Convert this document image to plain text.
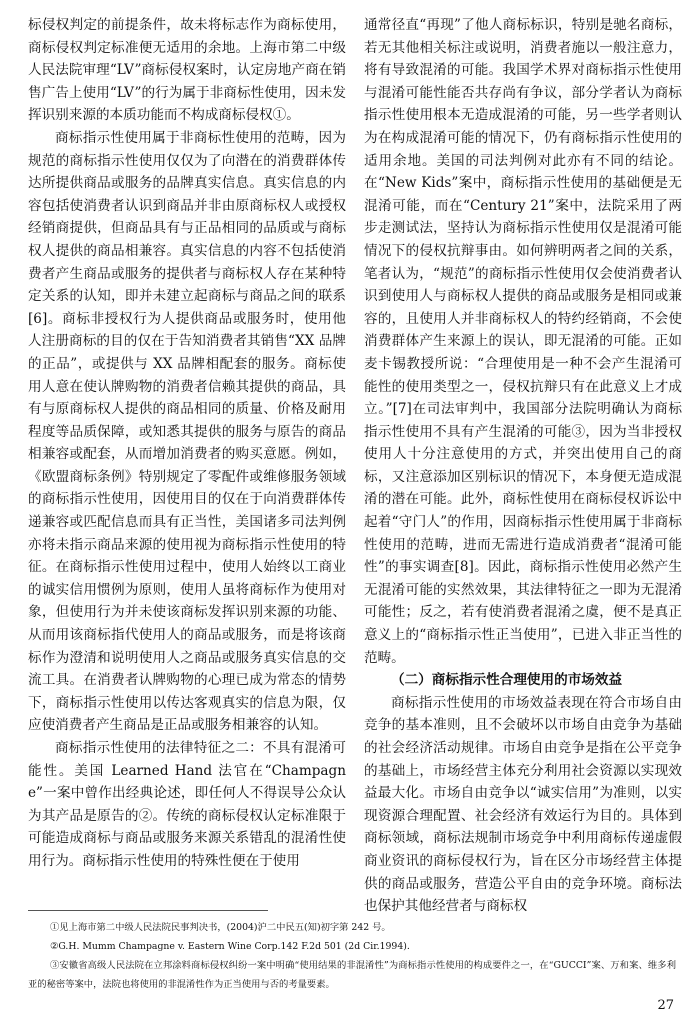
标侵权判定的前提条件，故未将标志作为商标使用，商标侵权判定标准便无适用的余地。上海市第二中级人民法院审理“LV”商标侵权案时，认定房地产商在销售广告上使用“LV”的行为属于非商标性使用，因未发挥识别来源的本质功能而不构成商标侵权①。

商标指示性使用属于非商标性使用的范畴，因为规范的商标指示性使用仅仅为了向潜在的消费群体传达所提供商品或服务的品牌真实信息。真实信息的内容包括使消费者认识到商品并非由原商标权人或授权经销商提供，但商品具有与正品相同的品质或与商标权人提供的商品相兼容。真实信息的内容不包括使消费者产生商品或服务的提供者与商标权人存在某种特定关系的认知，即并未建立起商标与商品之间的联系[6]。商标非授权行为人提供商品或服务时，使用他人注册商标的目的仅在于告知消费者其销售“XX 品牌的正品”，或提供与 XX 品牌相配套的服务。商标使用人意在使认牌购物的消费者信赖其提供的商品，具有与原商标权人提供的商品相同的质量、价格及耐用程度等品质保障，或知悉其提供的服务与原告的商品相兼容或配套，从而增加消费者的购买意愿。例如，《欧盟商标条例》特别规定了零配件或维修服务领域的商标指示性使用，因使用目的仅在于向消费群体传递兼容或匹配信息而具有正当性，美国诸多司法判例亦将未指示商品来源的使用视为商标指示性使用的特征。在商标指示性使用过程中，使用人始终以工商业的诚实信用惯例为原则，使用人虽将商标作为使用对象，但使用行为并未使该商标发挥识别来源的功能、从而用该商标指代使用人的商品或服务，而是将该商标作为澄清和说明使用人之商品或服务真实信息的交流工具。在消费者认牌购物的心理已成为常态的情势下，商标指示性使用以传达客观真实的信息为限，仅应使消费者产生商品是正品或服务相兼容的认知。

商标指示性使用的法律特征之二：不具有混淆可能性。美国 Learned Hand 法官在“Champagne”一案中曾作出经典论述，即任何人不得误导公众认为其产品是原告的②。传统的商标侵权认定标准限于可能造成商标与商品或服务来源关系错乱的混淆性使用行为。商标指示性使用的特殊性便在于使用

通常径直“再现”了他人商标标识，特别是驰名商标，若无其他相关标注或说明，消费者施以一般注意力，将有导致混淆的可能。我国学术界对商标指示性使用与混淆可能性能否共存尚有争议，部分学者认为商标指示性使用根本无造成混淆的可能，另一些学者则认为在构成混淆可能的情况下，仍有商标指示性使用的适用余地。美国的司法判例对此亦有不同的结论。在“New Kids”案中，商标指示性使用的基础便是无混淆可能，而在“Century 21”案中，法院采用了两步走测试法，坚持认为商标指示性使用仅是混淆可能情况下的侵权抗辩事由。如何辨明两者之间的关系，笔者认为，“规范”的商标指示性使用仅会使消费者认识到使用人与商标权人提供的商品或服务是相同或兼容的，且使用人并非商标权人的特约经销商，不会使消费群体产生来源上的误认，即无混淆的可能。正如麦卡锡教授所说：“合理使用是一种不会产生混淆可能性的使用类型之一，侵权抗辩只有在此意义上才成立。”[7]在司法审判中，我国部分法院明确认为商标指示性使用不具有产生混淆的可能③，因为当非授权使用人十分注意使用的方式，并突出使用自己的商标，又注意添加区别标识的情况下，本身便无造成混淆的潜在可能。此外，商标性使用在商标侵权诉讼中起着“守门人”的作用，因商标指示性使用属于非商标性使用的范畴，进而无需进行造成消费者“混淆可能性”的事实调查[8]。因此，商标指示性使用必然产生无混淆可能的实然效果，其法律特征之一即为无混淆可能性；反之，若有使消费者混淆之虞，便不是真正意义上的“商标指示性正当使用”，已进入非正当性的范畴。

（二）商标指示性合理使用的市场效益

商标指示性使用的市场效益表现在符合市场自由竞争的基本准则，且不会破坏以市场自由竞争为基础的社会经济活动规律。市场自由竞争是指在公平竞争的基础上，市场经营主体充分利用社会资源以实现效益最大化。市场自由竞争以“诚实信用”为准则，以实现资源合理配置、社会经济有效运行为目的。具体到商标领域，商标法规制市场竞争中利用商标传递虚假商业资讯的商标侵权行为，旨在区分市场经营主体提供的商品或服务，营造公平自由的竞争环境。商标法也保护其他经营者与商标权

①见上海市第二中级人民法院民事判决书，(2004)沪二中民五(知)初字第 242 号。

②G.H. Mumm Champagne v. Eastern Wine Corp.142 F.2d 501 (2d Cir.1994).

③安徽省高级人民法院在立邦涂料商标侵权纠纷一案中明确“使用结果的非混淆性”为商标指示性使用的构成要件之一，在“GUCCI”案、万和案、维多利亚的秘密等案中，法院也将使用的非混淆性作为正当使用与否的考量要素。

27
